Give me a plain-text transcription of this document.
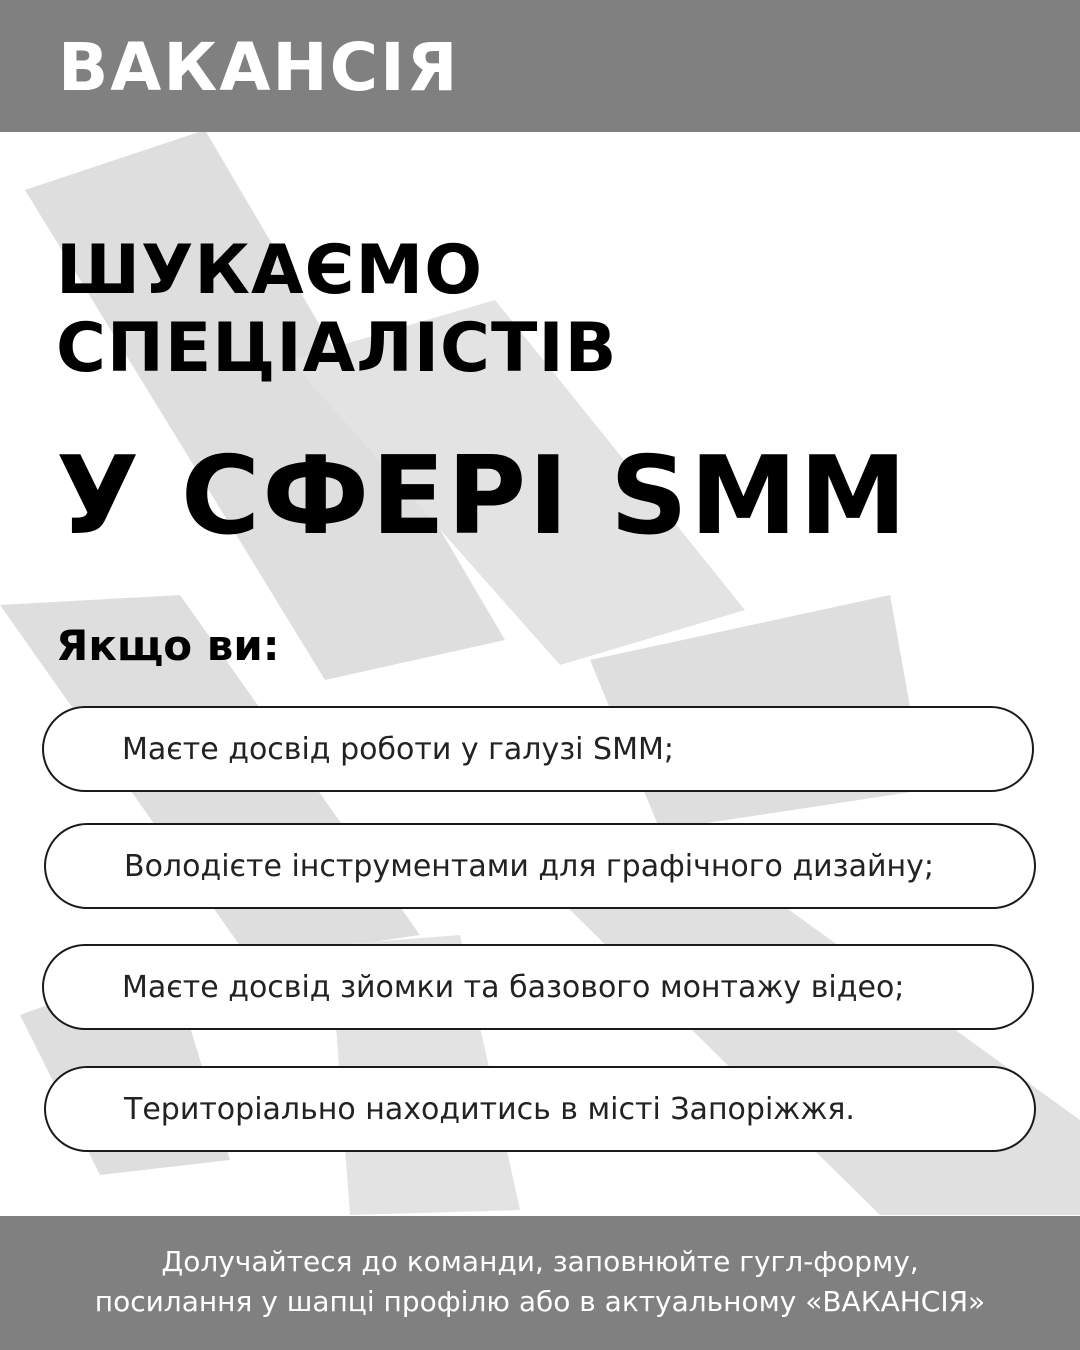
ВАКАНСІЯ
ШУКАЄМО
СПЕЦІАЛІСТІВ
У СФЕРІ SMM

Якщо ви:

Маєте досвід роботи у галузі SMM;
Володієте інструментами для графічного дизайну;
Маєте досвід зйомки та базового монтажу відео;
Територіально находитись в місті Запоріжжя.

Долучайтеся до команди, заповнюйте гугл-форму,
посилання у шапці профілю або в актуальному «ВАКАНСІЯ»
